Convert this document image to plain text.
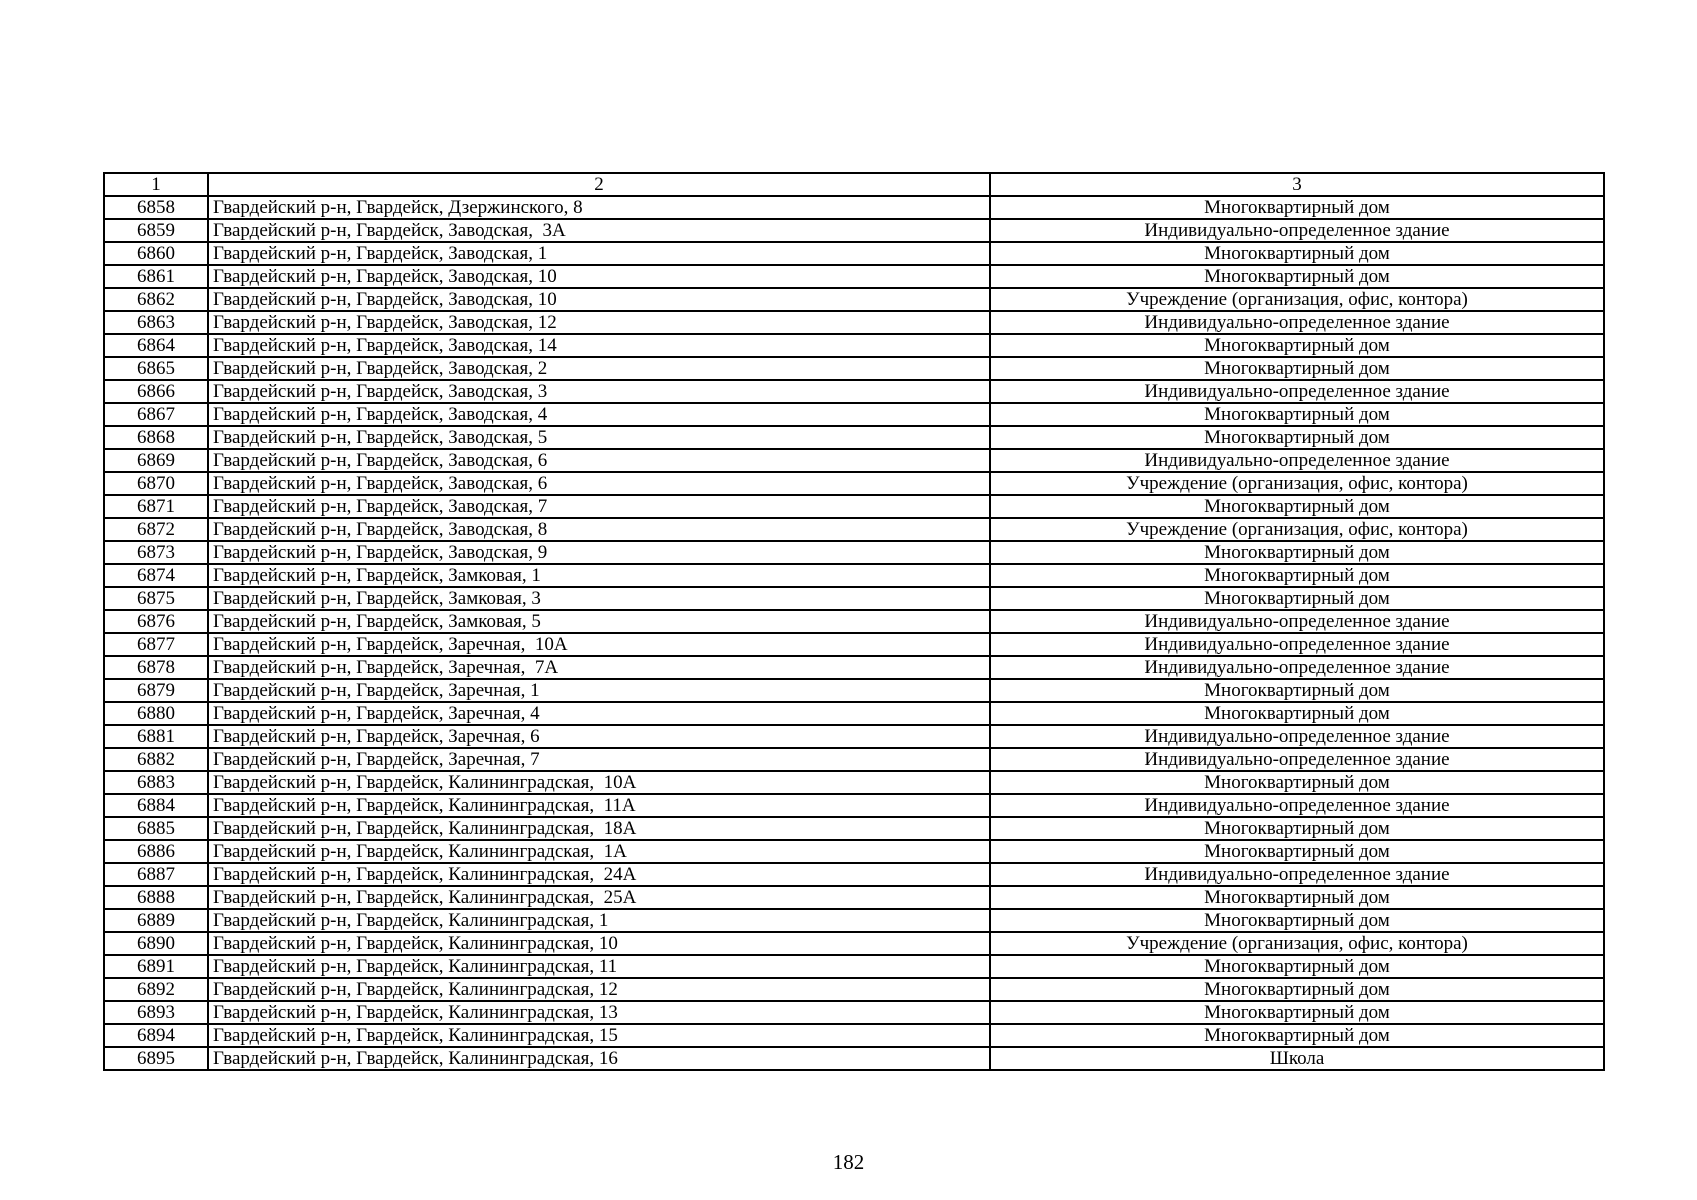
1	2	3
6858	Гвардейский р-н, Гвардейск, Дзержинского, 8	Многоквартирный дом
6859	Гвардейский р-н, Гвардейск, Заводская,  3А	Индивидуально-определенное здание
6860	Гвардейский р-н, Гвардейск, Заводская, 1	Многоквартирный дом
6861	Гвардейский р-н, Гвардейск, Заводская, 10	Многоквартирный дом
6862	Гвардейский р-н, Гвардейск, Заводская, 10	Учреждение (организация, офис, контора)
6863	Гвардейский р-н, Гвардейск, Заводская, 12	Индивидуально-определенное здание
6864	Гвардейский р-н, Гвардейск, Заводская, 14	Многоквартирный дом
6865	Гвардейский р-н, Гвардейск, Заводская, 2	Многоквартирный дом
6866	Гвардейский р-н, Гвардейск, Заводская, 3	Индивидуально-определенное здание
6867	Гвардейский р-н, Гвардейск, Заводская, 4	Многоквартирный дом
6868	Гвардейский р-н, Гвардейск, Заводская, 5	Многоквартирный дом
6869	Гвардейский р-н, Гвардейск, Заводская, 6	Индивидуально-определенное здание
6870	Гвардейский р-н, Гвардейск, Заводская, 6	Учреждение (организация, офис, контора)
6871	Гвардейский р-н, Гвардейск, Заводская, 7	Многоквартирный дом
6872	Гвардейский р-н, Гвардейск, Заводская, 8	Учреждение (организация, офис, контора)
6873	Гвардейский р-н, Гвардейск, Заводская, 9	Многоквартирный дом
6874	Гвардейский р-н, Гвардейск, Замковая, 1	Многоквартирный дом
6875	Гвардейский р-н, Гвардейск, Замковая, 3	Многоквартирный дом
6876	Гвардейский р-н, Гвардейск, Замковая, 5	Индивидуально-определенное здание
6877	Гвардейский р-н, Гвардейск, Заречная,  10А	Индивидуально-определенное здание
6878	Гвардейский р-н, Гвардейск, Заречная,  7А	Индивидуально-определенное здание
6879	Гвардейский р-н, Гвардейск, Заречная, 1	Многоквартирный дом
6880	Гвардейский р-н, Гвардейск, Заречная, 4	Многоквартирный дом
6881	Гвардейский р-н, Гвардейск, Заречная, 6	Индивидуально-определенное здание
6882	Гвардейский р-н, Гвардейск, Заречная, 7	Индивидуально-определенное здание
6883	Гвардейский р-н, Гвардейск, Калининградская,  10А	Многоквартирный дом
6884	Гвардейский р-н, Гвардейск, Калининградская,  11А	Индивидуально-определенное здание
6885	Гвардейский р-н, Гвардейск, Калининградская,  18А	Многоквартирный дом
6886	Гвардейский р-н, Гвардейск, Калининградская,  1А	Многоквартирный дом
6887	Гвардейский р-н, Гвардейск, Калининградская,  24А	Индивидуально-определенное здание
6888	Гвардейский р-н, Гвардейск, Калининградская,  25А	Многоквартирный дом
6889	Гвардейский р-н, Гвардейск, Калининградская, 1	Многоквартирный дом
6890	Гвардейский р-н, Гвардейск, Калининградская, 10	Учреждение (организация, офис, контора)
6891	Гвардейский р-н, Гвардейск, Калининградская, 11	Многоквартирный дом
6892	Гвардейский р-н, Гвардейск, Калининградская, 12	Многоквартирный дом
6893	Гвардейский р-н, Гвардейск, Калининградская, 13	Многоквартирный дом
6894	Гвардейский р-н, Гвардейск, Калининградская, 15	Многоквартирный дом
6895	Гвардейский р-н, Гвардейск, Калининградская, 16	Школа
182
